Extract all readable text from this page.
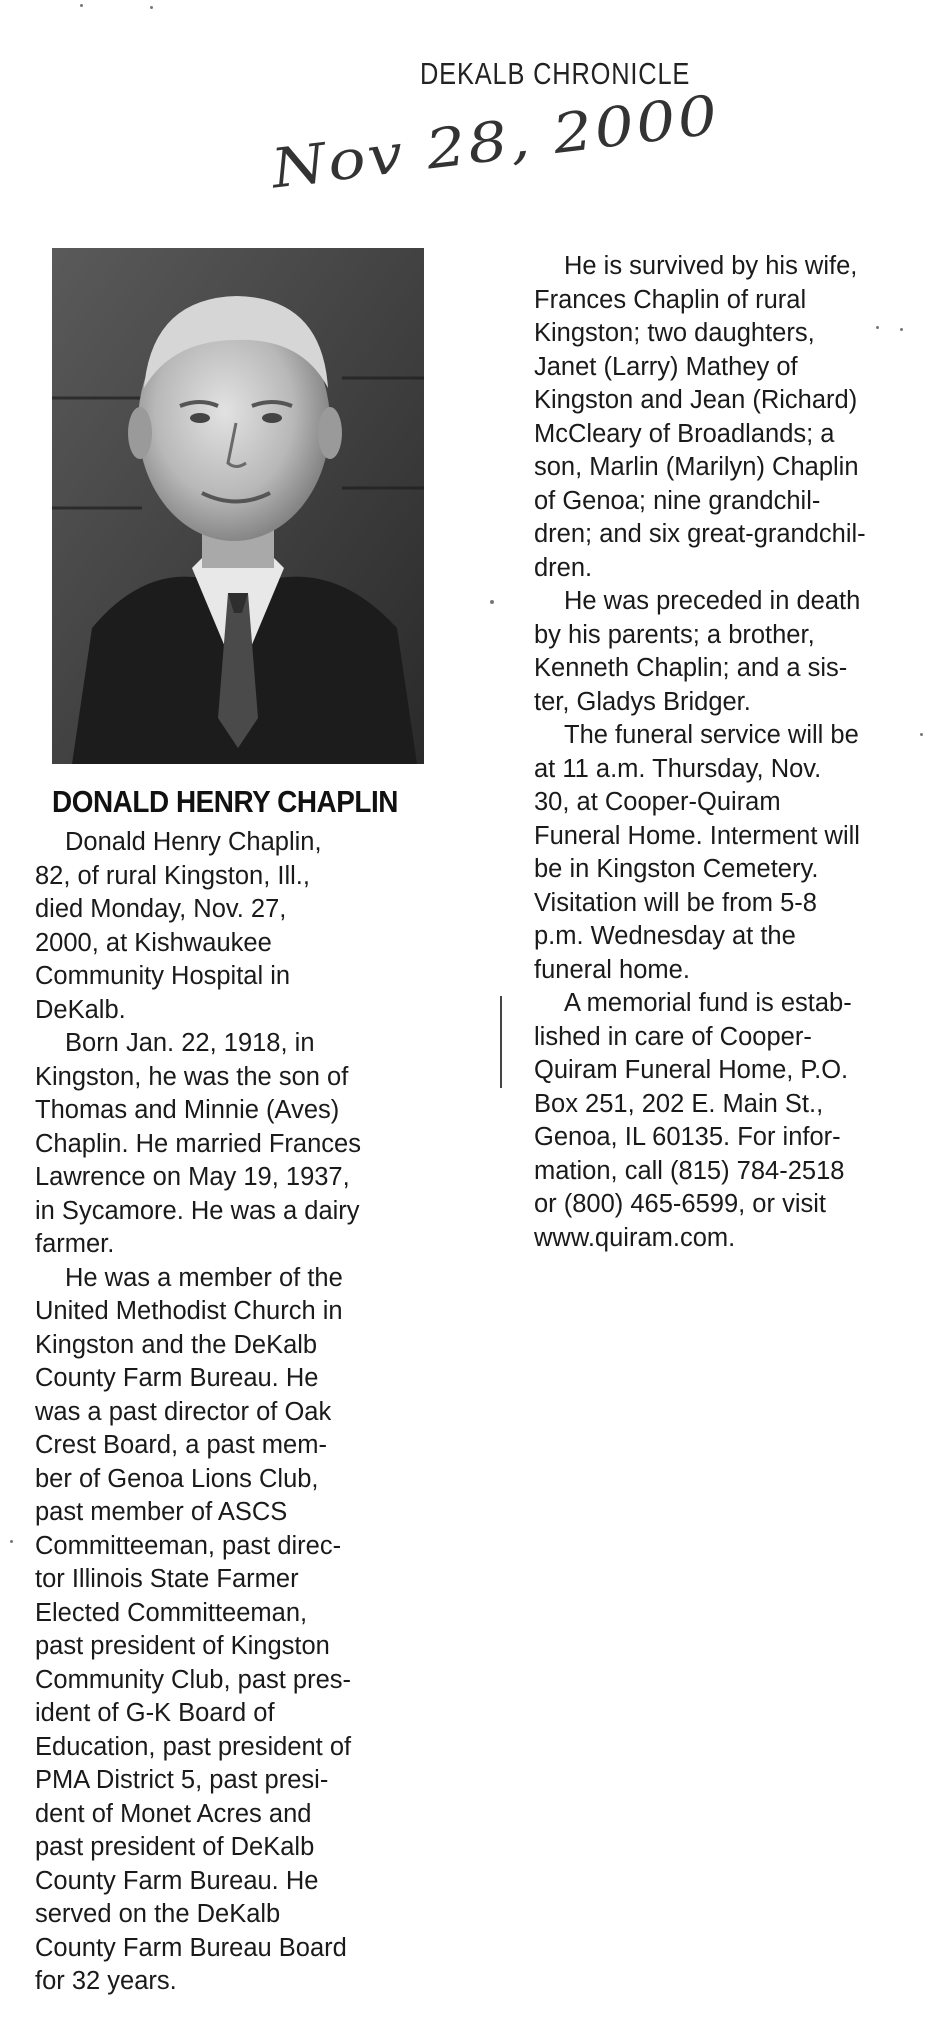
DEKALB CHRONICLE
Nov 28, 2000
DONALD HENRY CHAPLIN

Donald Henry Chaplin,
82, of rural Kingston, Ill.,
died Monday, Nov. 27,
2000, at Kishwaukee
Community Hospital in
DeKalb.

Born Jan. 22, 1918, in
Kingston, he was the son of
Thomas and Minnie (Aves)
Chaplin. He married Frances
Lawrence on May 19, 1937,
in Sycamore. He was a dairy
farmer.

He was a member of the
United Methodist Church in
Kingston and the DeKalb
County Farm Bureau. He
was a past director of Oak
Crest Board, a past mem-
ber of Genoa Lions Club,
past member of ASCS
Committeeman, past direc-
tor Illinois State Farmer
Elected Committeeman,
past president of Kingston
Community Club, past pres-
ident of G-K Board of
Education, past president of
PMA District 5, past presi-
dent of Monet Acres and
past president of DeKalb
County Farm Bureau. He
served on the DeKalb
County Farm Bureau Board
for 32 years.

He is survived by his wife,
Frances Chaplin of rural
Kingston; two daughters,
Janet (Larry) Mathey of
Kingston and Jean (Richard)
McCleary of Broadlands; a
son, Marlin (Marilyn) Chaplin
of Genoa; nine grandchil-
dren; and six great-grandchil-
dren.

He was preceded in death
by his parents; a brother,
Kenneth Chaplin; and a sis-
ter, Gladys Bridger.

The funeral service will be
at 11 a.m. Thursday, Nov.
30, at Cooper-Quiram
Funeral Home. Interment will
be in Kingston Cemetery.
Visitation will be from 5-8
p.m. Wednesday at the
funeral home.

A memorial fund is estab-
lished in care of Cooper-
Quiram Funeral Home, P.O.
Box 251, 202 E. Main St.,
Genoa, IL 60135. For infor-
mation, call (815) 784-2518
or (800) 465-6599, or visit
www.quiram.com.
